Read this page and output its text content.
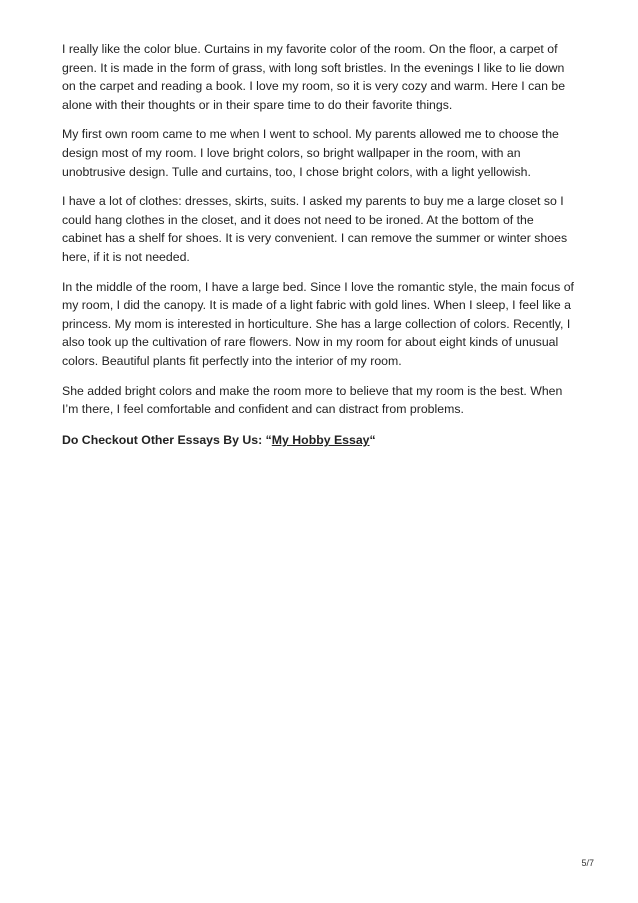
I really like the color blue. Curtains in my favorite color of the room. On the floor, a carpet of green. It is made in the form of grass, with long soft bristles. In the evenings I like to lie down on the carpet and reading a book. I love my room, so it is very cozy and warm. Here I can be alone with their thoughts or in their spare time to do their favorite things.

My first own room came to me when I went to school. My parents allowed me to choose the design most of my room. I love bright colors, so bright wallpaper in the room, with an unobtrusive design. Tulle and curtains, too, I chose bright colors, with a light yellowish.

I have a lot of clothes: dresses, skirts, suits. I asked my parents to buy me a large closet so I could hang clothes in the closet, and it does not need to be ironed. At the bottom of the cabinet has a shelf for shoes. It is very convenient. I can remove the summer or winter shoes here, if it is not needed.

In the middle of the room, I have a large bed. Since I love the romantic style, the main focus of my room, I did the canopy. It is made of a light fabric with gold lines. When I sleep, I feel like a princess. My mom is interested in horticulture. She has a large collection of colors. Recently, I also took up the cultivation of rare flowers. Now in my room for about eight kinds of unusual colors. Beautiful plants fit perfectly into the interior of my room.

She added bright colors and make the room more to believe that my room is the best. When I’m there, I feel comfortable and confident and can distract from problems.

Do Checkout Other Essays By Us: “My Hobby Essay“

5/7
